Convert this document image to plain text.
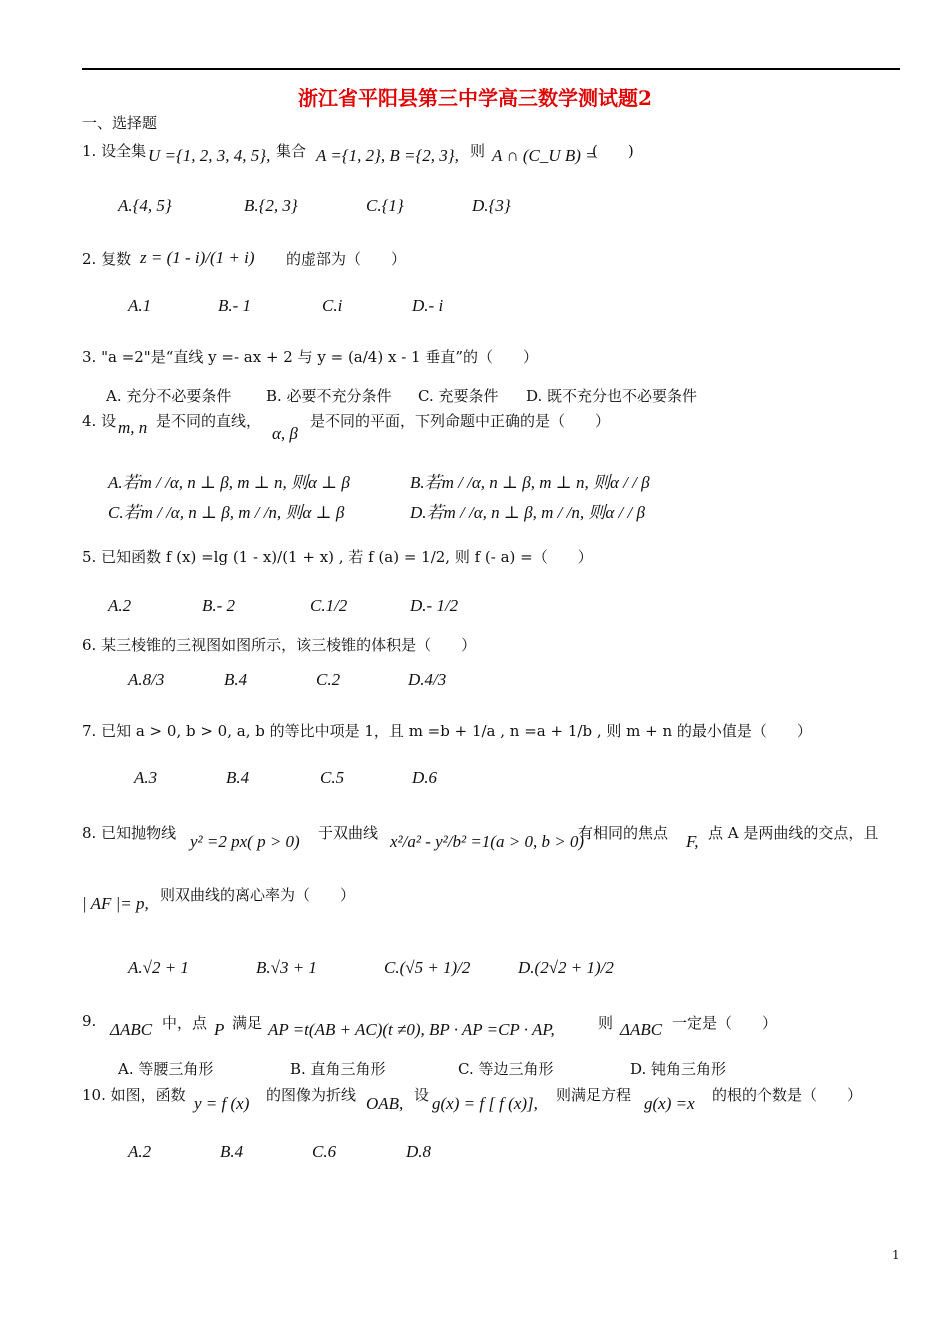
浙江省平阳县第三中学高三数学测试题2
一、选择题
1. 设全集 U ={1, 2, 3, 4, 5}, 集合 A ={1, 2}, B ={2, 3}, 则 A ∩ (C_U B) =
(　　)
A.{4, 5}	B.{2, 3}	C.{1}	D.{3}
2. 复数 z = (1 - i)/(1 + i) 的虚部为（　　）
A.1	B.- 1	C.i	D.- i
3. "a =2"是“直线 y =- ax + 2 与 y = (a/4) x - 1 垂直”的（　　）
A. 充分不必要条件 B. 必要不充分条件 C. 充要条件 D. 既不充分也不必要条件
4. 设 m, n 是不同的直线，
α, β
是不同的平面，下列命题中正确的是（　　）
A.若m / /α, n ⊥ β, m ⊥ n, 则α ⊥ β	B.若m / /α, n ⊥ β, m ⊥ n, 则α / / β
C.若m / /α, n ⊥ β, m / /n, 则α ⊥ β	D.若m / /α, n ⊥ β, m / /n, 则α / / β
5. 已知函数 f (x) =lg (1 - x)/(1 + x) , 若 f (a) = 1/2, 则 f (- a) =（　　）
A.2	B.- 2	C.1/2	D.- 1/2
6. 某三棱锥的三视图如图所示，该三棱锥的体积是（　　）
A.8/3	B.4	C.2	D.4/3
7. 已知 a > 0, b > 0, a, b 的等比中项是 1，且 m =b + 1/a , n =a + 1/b , 则 m + n 的最小值是（　　）
A.3	B.4	C.5	D.6
8. 已知抛物线 y² =2 px( p > 0) 于双曲线 x²/a² - y²/b² =1(a > 0, b > 0)
有相同的焦点 F, 点 A 是两曲线的交点，且
| AF |= p, 则双曲线的离心率为（　　）
A.√2 + 1	B.√3 + 1	C.(√5 + 1)/2	D.(2√2 + 1)/2
9. ΔABC 中，点 P 满足 AP =t(AB + AC)(t ≠0), BP · AP =CP · AP,	则 ΔABC 一定是（　　）
A. 等腰三角形	B. 直角三角形	C. 等边三角形	D. 钝角三角形
10. 如图，函数 y = f (x) 的图像为折线 OAB, 设 g(x) = f [ f (x)], 则满足方程 g(x) =x 的根的个数是（　　）
A.2	B.4	C.6	D.8
1
